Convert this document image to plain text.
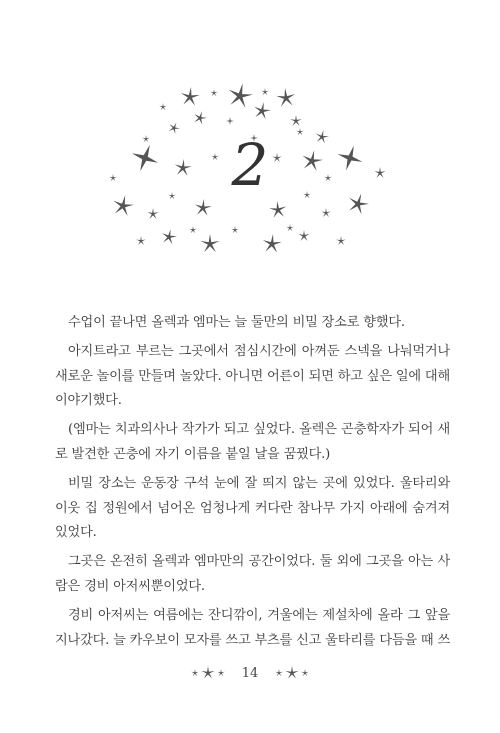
2

수업이 끝나면 올렉과 엠마는 늘 둘만의 비밀 장소로 향했다.

아지트라고 부르는 그곳에서 점심시간에 아껴둔 스넥을 나눠먹거나 새로운 놀이를 만들며 놀았다. 아니면 어른이 되면 하고 싶은 일에 대해 이야기했다.

(엠마는 치과의사나 작가가 되고 싶었다. 올렉은 곤충학자가 되어 새로 발견한 곤충에 자기 이름을 붙일 날을 꿈꿨다.)

비밀 장소는 운동장 구석 눈에 잘 띄지 않는 곳에 있었다. 울타리와 이웃 집 정원에서 넘어온 엄청나게 커다란 참나무 가지 아래에 숨겨져 있었다.

그곳은 온전히 올렉과 엠마만의 공간이었다. 둘 외에 그곳을 아는 사람은 경비 아저씨뿐이었다.

경비 아저씨는 여름에는 잔디깎이, 겨울에는 제설차에 올라 그 앞을 지나갔다. 늘 카우보이 모자를 쓰고 부츠를 신고 울타리를 다듬을 때 쓰

14
